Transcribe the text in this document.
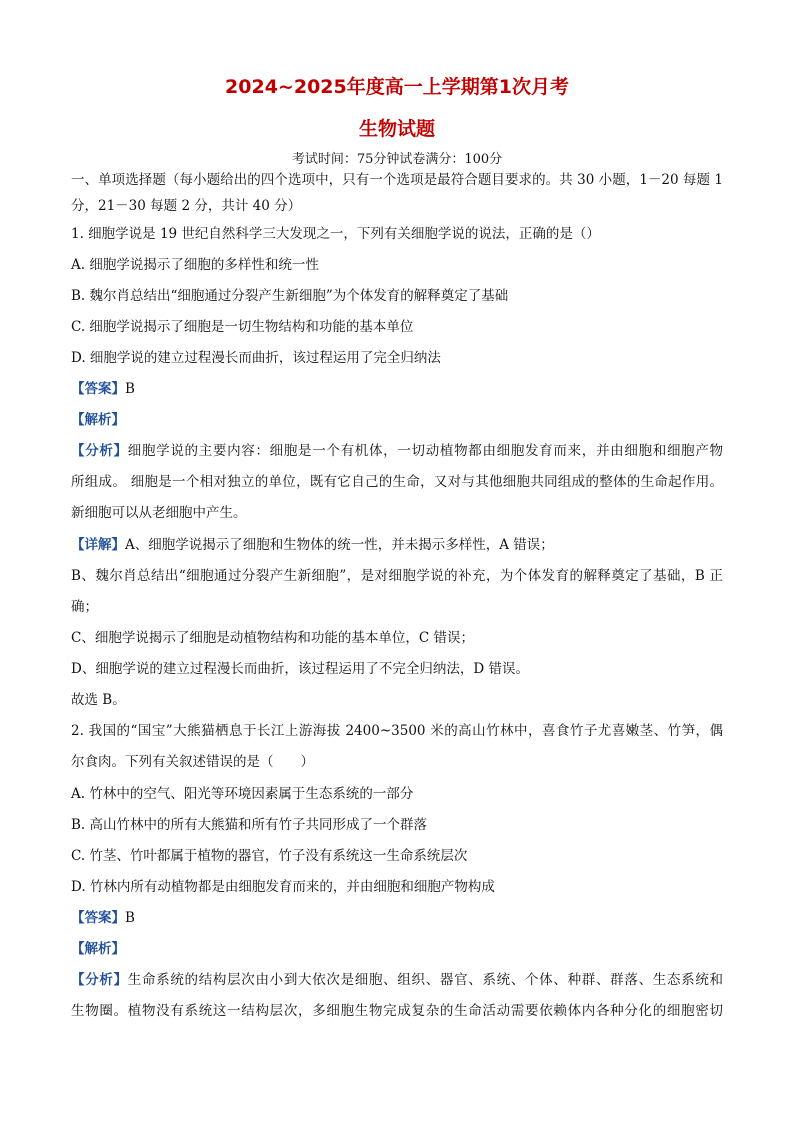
2024~2025年度高一上学期第1次月考
生物试题
考试时间：75分钟试卷满分：100分
一、单项选择题（每小题给出的四个选项中，只有一个选项是最符合题目要求的。共 30 小题，1－20 每题 1
分，21－30 每题 2 分，共计 40 分）
1. 细胞学说是 19 世纪自然科学三大发现之一，下列有关细胞学说的说法，正确的是（）
A. 细胞学说揭示了细胞的多样性和统一性
B. 魏尔肖总结出“细胞通过分裂产生新细胞”为个体发育的解释奠定了基础
C. 细胞学说揭示了细胞是一切生物结构和功能的基本单位
D. 细胞学说的建立过程漫长而曲折，该过程运用了完全归纳法
【答案】B
【解析】
【分析】细胞学说的主要内容：细胞是一个有机体，一切动植物都由细胞发育而来，并由细胞和细胞产物
所组成。 细胞是一个相对独立的单位，既有它自己的生命，又对与其他细胞共同组成的整体的生命起作用。
新细胞可以从老细胞中产生。
【详解】A、细胞学说揭示了细胞和生物体的统一性，并未揭示多样性，A 错误；
B、魏尔肖总结出“细胞通过分裂产生新细胞”，是对细胞学说的补充，为个体发育的解释奠定了基础，B 正
确；
C、细胞学说揭示了细胞是动植物结构和功能的基本单位，C 错误；
D、细胞学说的建立过程漫长而曲折，该过程运用了不完全归纳法，D 错误。
故选 B。
2. 我国的“国宝”大熊猫栖息于长江上游海拔 2400~3500 米的高山竹林中，喜食竹子尤喜嫩茎、竹笋，偶
尔食肉。下列有关叙述错误的是（　　）
A. 竹林中的空气、阳光等环境因素属于生态系统的一部分
B. 高山竹林中的所有大熊猫和所有竹子共同形成了一个群落
C. 竹茎、竹叶都属于植物的器官，竹子没有系统这一生命系统层次
D. 竹林内所有动植物都是由细胞发育而来的，并由细胞和细胞产物构成
【答案】B
【解析】
【分析】生命系统的结构层次由小到大依次是细胞、组织、器官、系统、个体、种群、群落、生态系统和
生物圈。植物没有系统这一结构层次，多细胞生物完成复杂的生命活动需要依赖体内各种分化的细胞密切
